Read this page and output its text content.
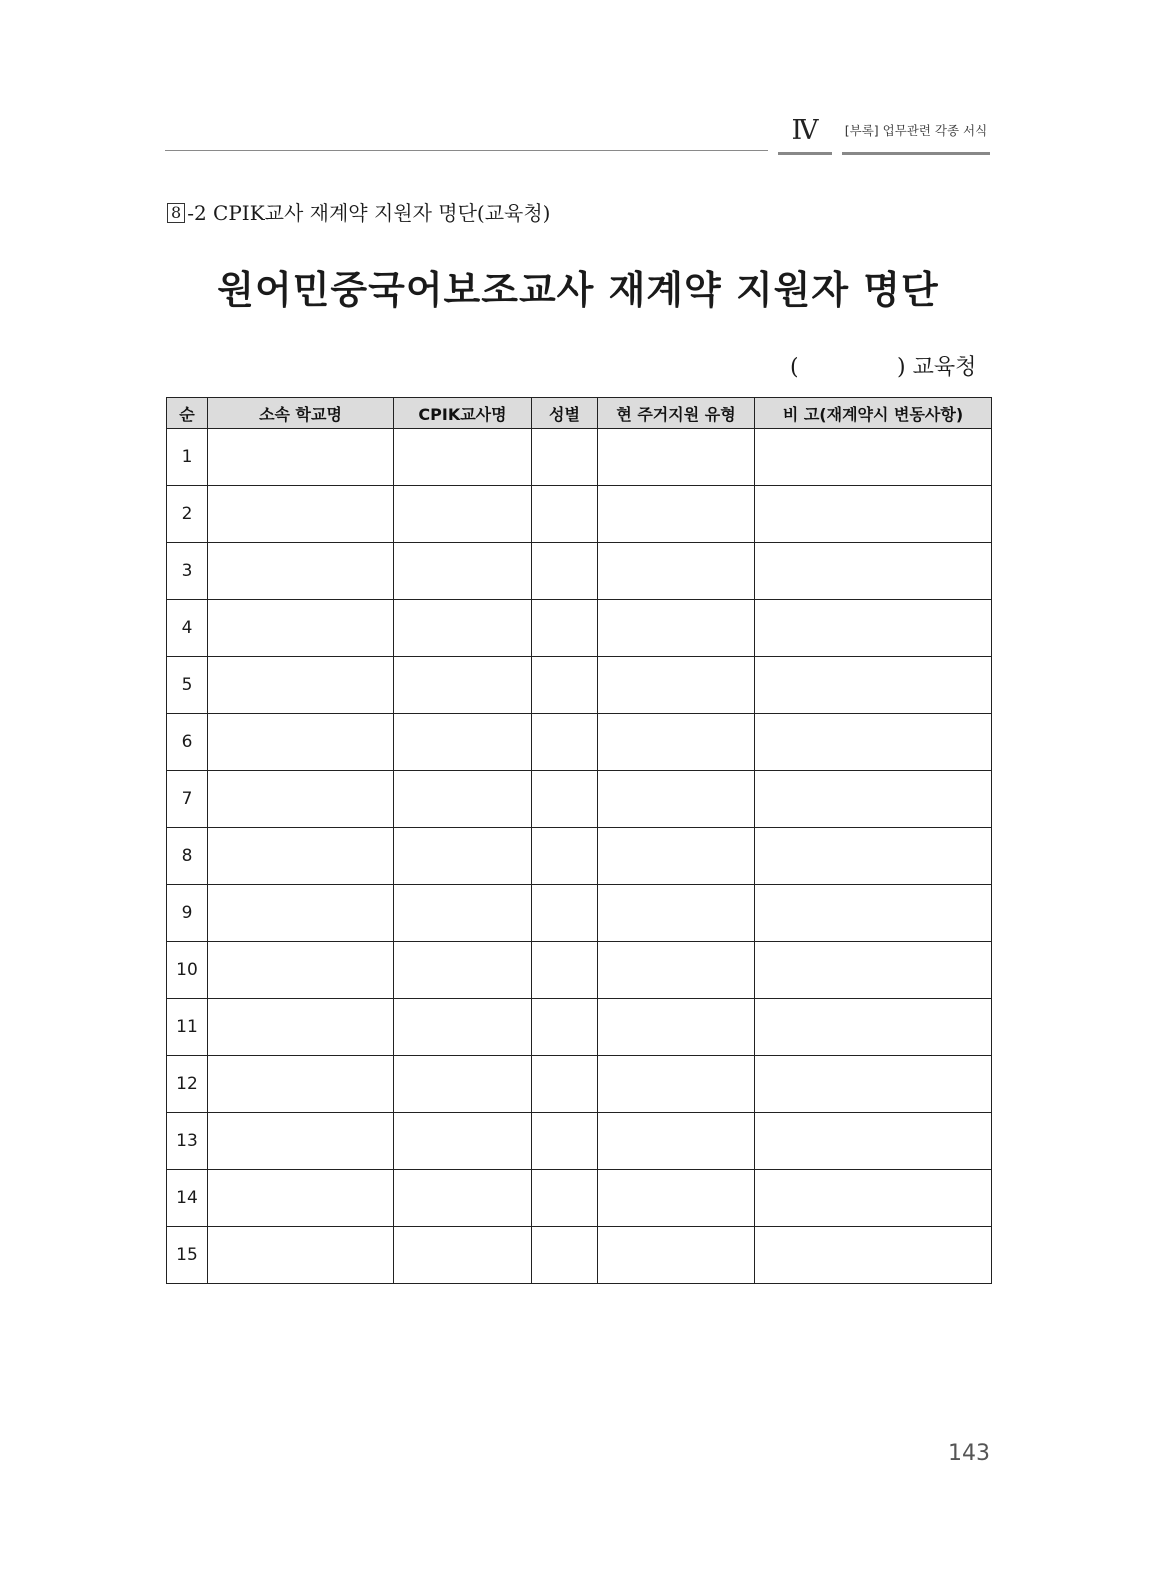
Ⅳ	[부록] 업무관련 각종 서식
8 -2 CPIK교사 재계약 지원자 명단(교육청)
원어민중국어보조교사 재계약 지원자 명단
(	) 교육청
순	소속 학교명	CPIK교사명	성별	현 주거지원 유형	비 고(재계약시 변동사항)
1					
2					
3					
4					
5					
6					
7					
8					
9					
10					
11					
12					
13					
14					
15					
143
